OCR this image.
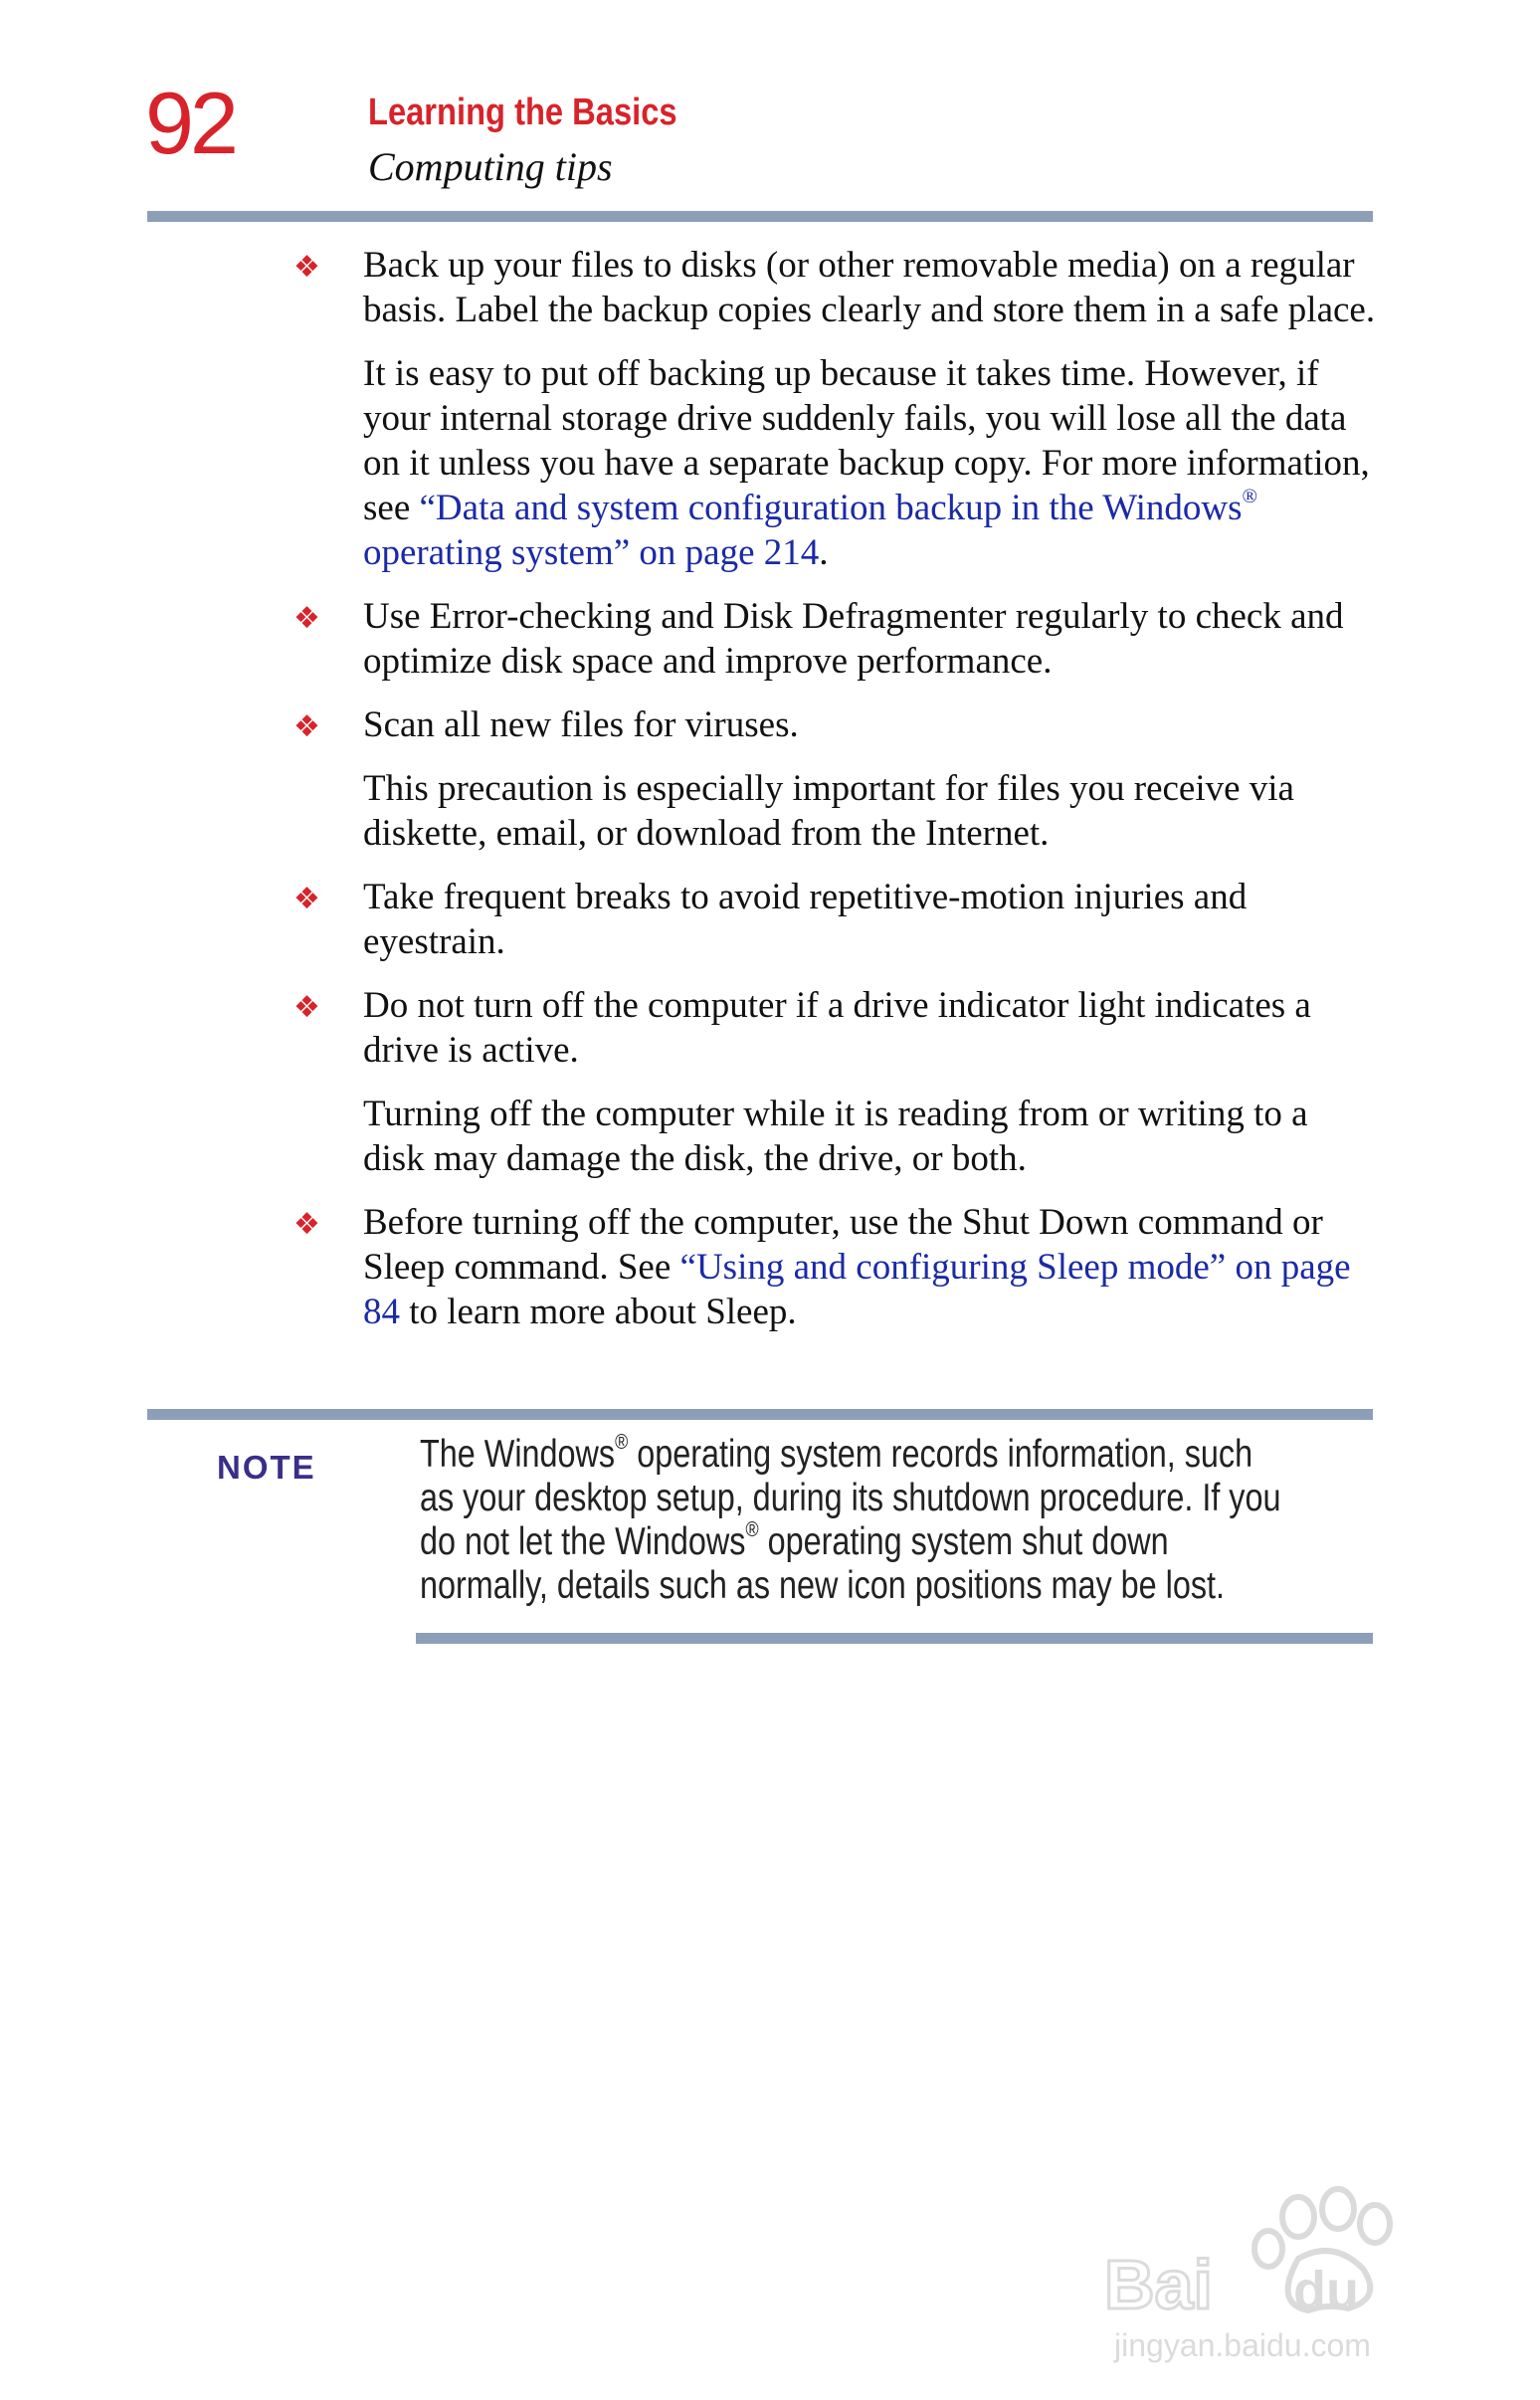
92	Learning the Basics
Computing tips
❖ Back up your files to disks (or other removable media) on a regular basis. Label the backup copies clearly and store them in a safe place.

It is easy to put off backing up because it takes time. However, if your internal storage drive suddenly fails, you will lose all the data on it unless you have a separate backup copy. For more information, see “Data and system configuration backup in the Windows® operating system” on page 214.

❖ Use Error-checking and Disk Defragmenter regularly to check and optimize disk space and improve performance.

❖ Scan all new files for viruses.

This precaution is especially important for files you receive via diskette, email, or download from the Internet.

❖ Take frequent breaks to avoid repetitive-motion injuries and eyestrain.

❖ Do not turn off the computer if a drive indicator light indicates a drive is active.

Turning off the computer while it is reading from or writing to a disk may damage the disk, the drive, or both.

❖ Before turning off the computer, use the Shut Down command or Sleep command. See “Using and configuring Sleep mode” on page 84 to learn more about Sleep.

NOTE	The Windows® operating system records information, such as your desktop setup, during its shutdown procedure. If you do not let the Windows® operating system shut down normally, details such as new icon positions may be lost.
Bai du
jingyan.baidu.com
